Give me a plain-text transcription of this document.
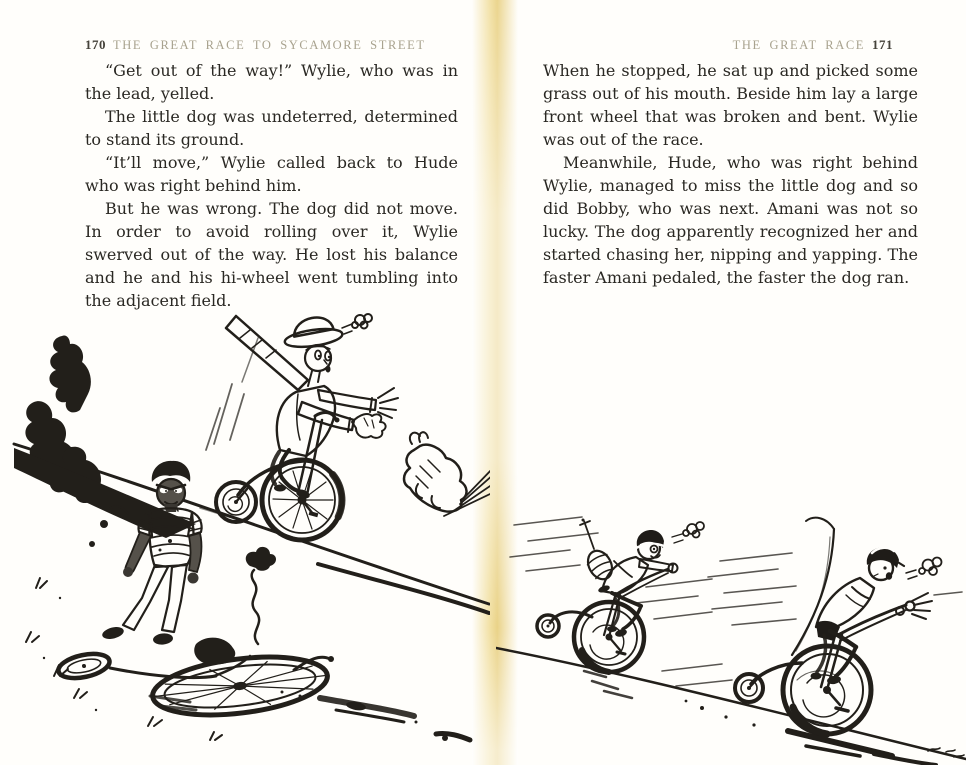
170 THE GREAT RACE TO SYCAMORE STREET	THE GREAT RACE 171

“Get out of the way!” Wylie, who was in the lead, yelled.

The little dog was undeterred, determined to stand its ground.

“It’ll move,” Wylie called back to Hude who was right behind him.

But he was wrong. The dog did not move. In order to avoid rolling over it, Wylie swerved out of the way. He lost his balance and he and his hi-wheel went tumbling into the adjacent field.

When he stopped, he sat up and picked some grass out of his mouth. Beside him lay a large front wheel that was broken and bent. Wylie was out of the race.

Meanwhile, Hude, who was right behind Wylie, managed to miss the little dog and so did Bobby, who was next. Amani was not so lucky. The dog apparently recognized her and started chasing her, nipping and yapping. The faster Amani pedaled, the faster the dog ran.
